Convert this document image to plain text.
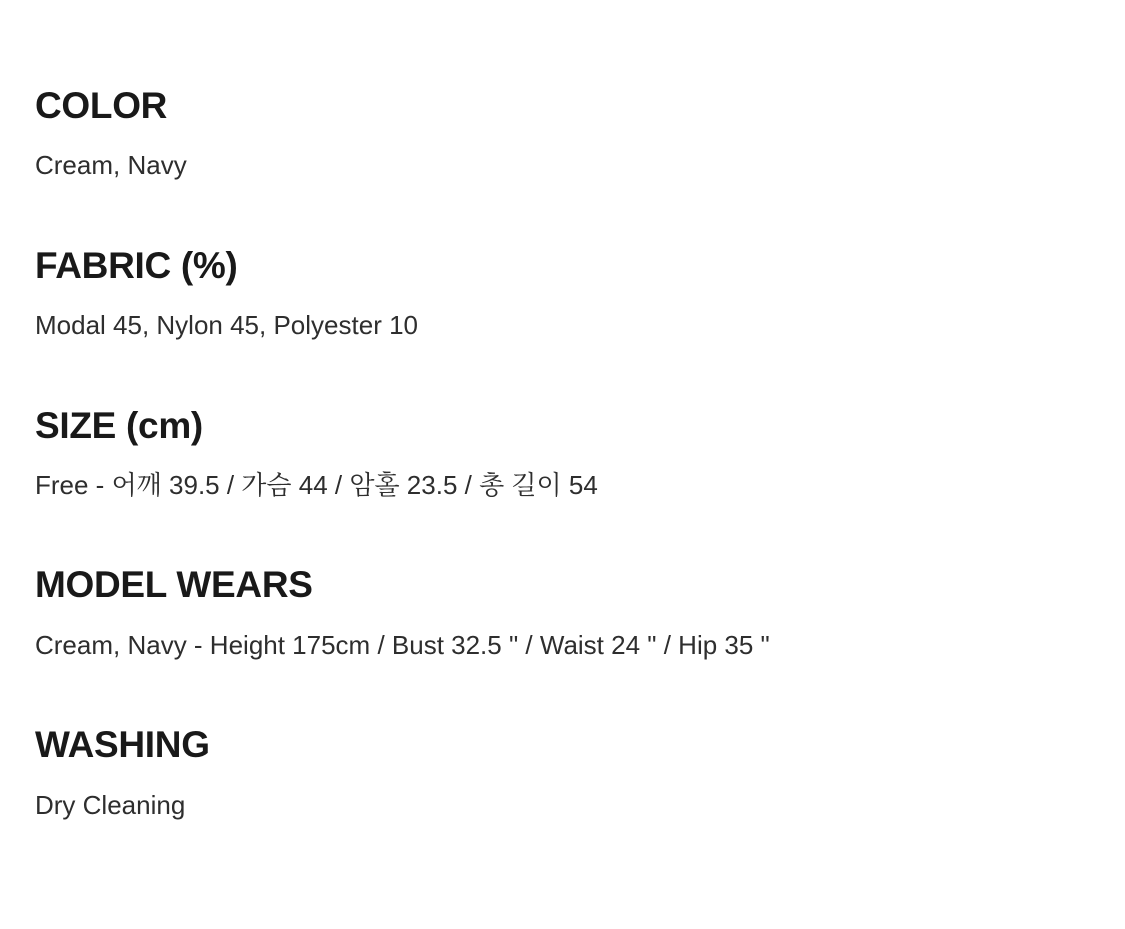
COLOR

Cream, Navy

FABRIC (%)

Modal 45, Nylon 45, Polyester 10

SIZE (cm)

Free - 어깨 39.5 / 가슴 44 / 암홀 23.5 / 총 길이 54

MODEL WEARS

Cream, Navy - Height 175cm / Bust 32.5 " / Waist 24 " / Hip 35 "

WASHING

Dry Cleaning
